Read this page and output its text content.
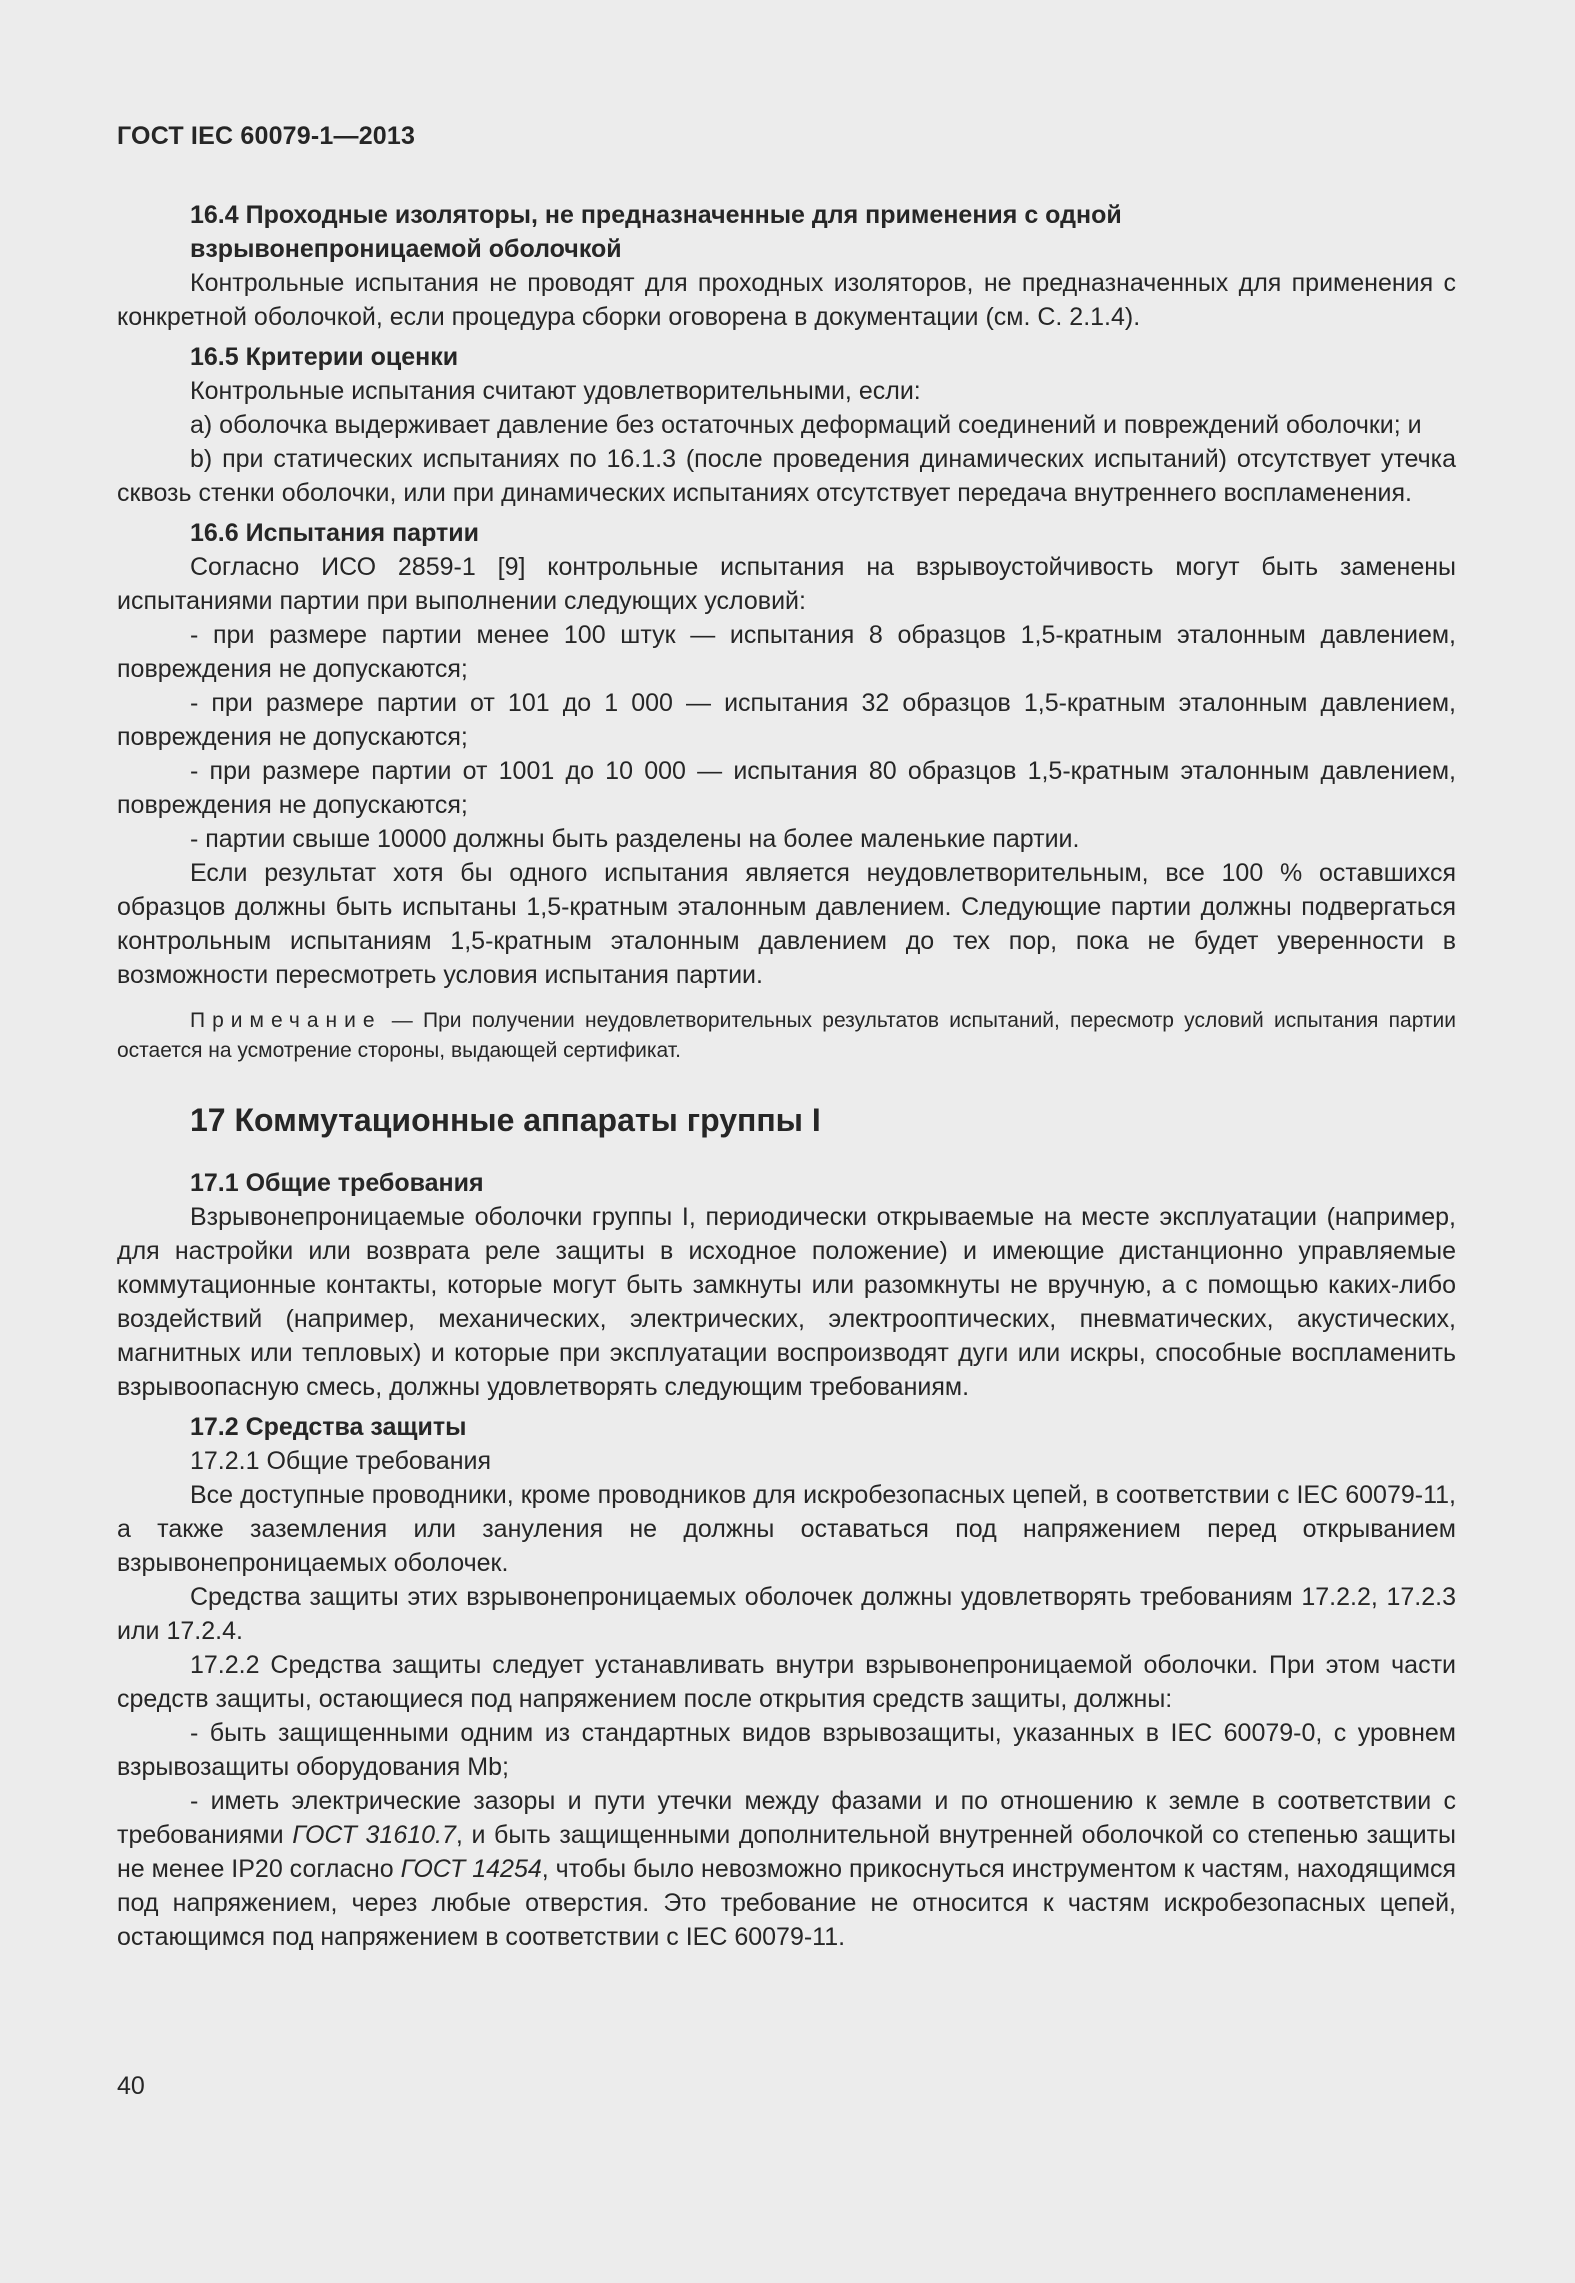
ГОСТ IEC 60079-1—2013

16.4 Проходные изоляторы, не предназначенные для применения с одной
взрывонепроницаемой оболочкой

Контрольные испытания не проводят для проходных изоляторов, не предназначенных для применения с конкретной оболочкой, если процедура сборки оговорена в документации (см. С. 2.1.4).

16.5 Критерии оценки

Контрольные испытания считают удовлетворительными, если:

a) оболочка выдерживает давление без остаточных деформаций соединений и повреждений оболочки; и

b) при статических испытаниях по 16.1.3 (после проведения динамических испытаний) отсутствует утечка сквозь стенки оболочки, или при динамических испытаниях отсутствует передача внутреннего воспламенения.

16.6 Испытания партии

Согласно ИСО 2859-1 [9] контрольные испытания на взрывоустойчивость могут быть заменены испытаниями партии при выполнении следующих условий:

- при размере партии менее 100 штук — испытания 8 образцов 1,5-кратным эталонным давлением, повреждения не допускаются;

- при размере партии от 101 до 1 000 — испытания 32 образцов 1,5-кратным эталонным давлением, повреждения не допускаются;

- при размере партии от 1001 до 10 000 — испытания 80 образцов 1,5-кратным эталонным давлением, повреждения не допускаются;

- партии свыше 10000 должны быть разделены на более маленькие партии.

Если результат хотя бы одного испытания является неудовлетворительным, все 100 % оставшихся образцов должны быть испытаны 1,5-кратным эталонным давлением. Следующие партии должны подвергаться контрольным испытаниям 1,5-кратным эталонным давлением до тех пор, пока не будет уверенности в возможности пересмотреть условия испытания партии.

Примечание — При получении неудовлетворительных результатов испытаний, пересмотр условий испытания партии остается на усмотрение стороны, выдающей сертификат.

17 Коммутационные аппараты группы I

17.1 Общие требования

Взрывонепроницаемые оболочки группы I, периодически открываемые на месте эксплуатации (например, для настройки или возврата реле защиты в исходное положение) и имеющие дистанционно управляемые коммутационные контакты, которые могут быть замкнуты или разомкнуты не вручную, а с помощью каких-либо воздействий (например, механических, электрических, электрооптических, пневматических, акустических, магнитных или тепловых) и которые при эксплуатации воспроизводят дуги или искры, способные воспламенить взрывоопасную смесь, должны удовлетворять следующим требованиям.

17.2 Средства защиты

17.2.1 Общие требования

Все доступные проводники, кроме проводников для искробезопасных цепей, в соответствии с IEC 60079-11, а также заземления или зануления не должны оставаться под напряжением перед открыванием взрывонепроницаемых оболочек.

Средства защиты этих взрывонепроницаемых оболочек должны удовлетворять требованиям 17.2.2, 17.2.3 или 17.2.4.

17.2.2 Средства защиты следует устанавливать внутри взрывонепроницаемой оболочки. При этом части средств защиты, остающиеся под напряжением после открытия средств защиты, должны:

- быть защищенными одним из стандартных видов взрывозащиты, указанных в IEC 60079-0, с уровнем взрывозащиты оборудования Mb;

- иметь электрические зазоры и пути утечки между фазами и по отношению к земле в соответствии с требованиями ГОСТ 31610.7, и быть защищенными дополнительной внутренней оболочкой со степенью защиты не менее IP20 согласно ГОСТ 14254, чтобы было невозможно прикоснуться инструментом к частям, находящимся под напряжением, через любые отверстия. Это требование не относится к частям искробезопасных цепей, остающимся под напряжением в соответствии с IEC 60079-11.

40
